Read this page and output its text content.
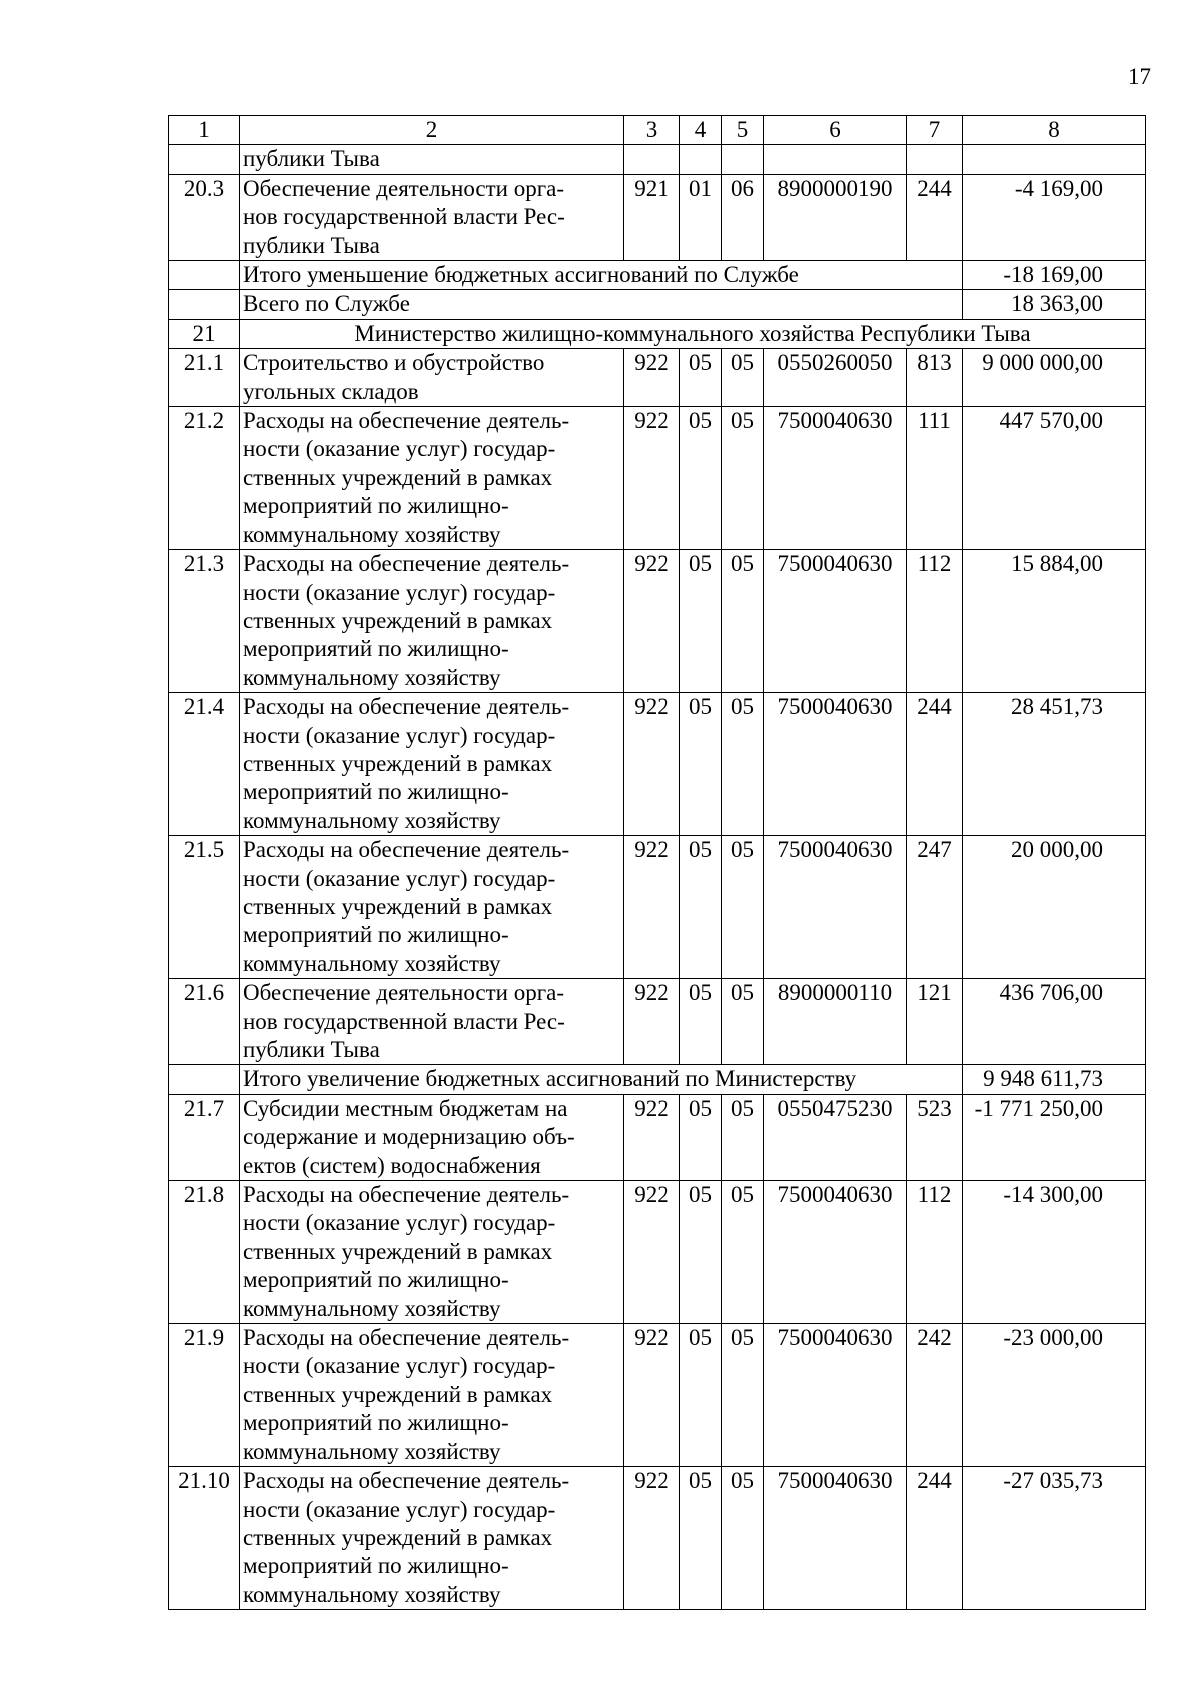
17
1	2	3	4	5	6	7	8
	публики Тыва						
20.3	Обеспечение деятельности орга-
нов государственной власти Рес-
публики Тыва	921	01	06	8900000190	244	-4 169,00
	Итого уменьшение бюджетных ассигнований по Службе						-18 169,00
	Всего по Службе						18 363,00
21	Министерство жилищно-коммунального хозяйства Республики Тыва						
21.1	Строительство и обустройство
угольных складов	922	05	05	0550260050	813	9 000 000,00
21.2	Расходы на обеспечение деятель-
ности (оказание услуг) государ-
ственных учреждений в рамках
мероприятий по жилищно-
коммунальному хозяйству	922	05	05	7500040630	111	447 570,00
21.3	Расходы на обеспечение деятель-
ности (оказание услуг) государ-
ственных учреждений в рамках
мероприятий по жилищно-
коммунальному хозяйству	922	05	05	7500040630	112	15 884,00
21.4	Расходы на обеспечение деятель-
ности (оказание услуг) государ-
ственных учреждений в рамках
мероприятий по жилищно-
коммунальному хозяйству	922	05	05	7500040630	244	28 451,73
21.5	Расходы на обеспечение деятель-
ности (оказание услуг) государ-
ственных учреждений в рамках
мероприятий по жилищно-
коммунальному хозяйству	922	05	05	7500040630	247	20 000,00
21.6	Обеспечение деятельности орга-
нов государственной власти Рес-
публики Тыва	922	05	05	8900000110	121	436 706,00
	Итого увеличение бюджетных ассигнований по Министерству						9 948 611,73
21.7	Субсидии местным бюджетам на
содержание и модернизацию объ-
ектов (систем) водоснабжения	922	05	05	0550475230	523	-1 771 250,00
21.8	Расходы на обеспечение деятель-
ности (оказание услуг) государ-
ственных учреждений в рамках
мероприятий по жилищно-
коммунальному хозяйству	922	05	05	7500040630	112	-14 300,00
21.9	Расходы на обеспечение деятель-
ности (оказание услуг) государ-
ственных учреждений в рамках
мероприятий по жилищно-
коммунальному хозяйству	922	05	05	7500040630	242	-23 000,00
21.10	Расходы на обеспечение деятель-
ности (оказание услуг) государ-
ственных учреждений в рамках
мероприятий по жилищно-
коммунальному хозяйству	922	05	05	7500040630	244	-27 035,73
